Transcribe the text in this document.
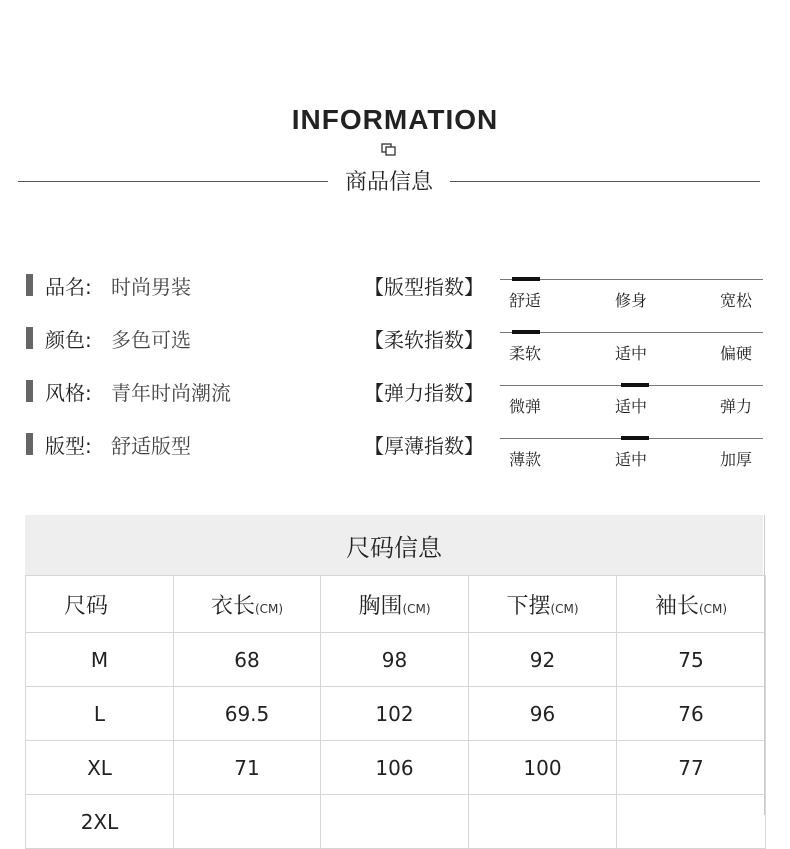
INFORMATION
商品信息
品名: 时尚男装
颜色: 多色可选
风格: 青年时尚潮流
版型: 舒适版型
【版型指数】
舒适	修身	宽松
【柔软指数】
柔软	适中	偏硬
【弹力指数】
微弹	适中	弹力
【厚薄指数】
薄款	适中	加厚
尺码信息
尺码	衣长(CM)	胸围(CM)	下摆(CM)	袖长(CM)
M	68	98	92	75
L	69.5	102	96	76
XL	71	106	100	77
2XL				
